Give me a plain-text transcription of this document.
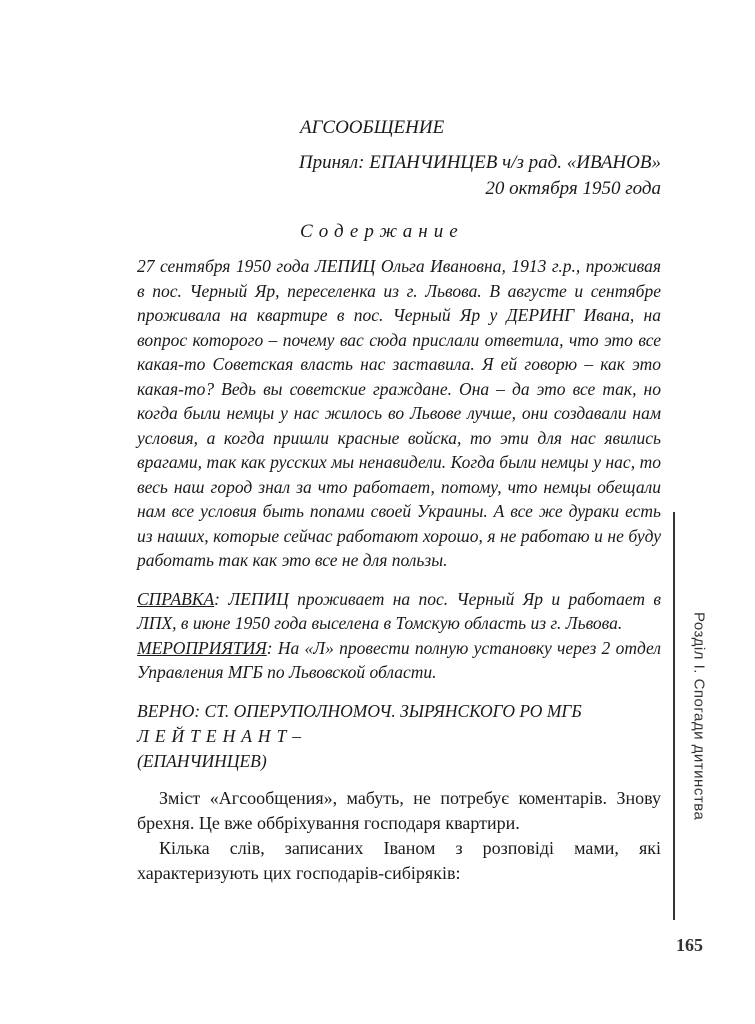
АГСООБЩЕНИЕ
Принял: ЕПАНЧИНЦЕВ ч/з рад. «ИВАНОВ»
20 октября 1950 года
Содержание
27 сентября 1950 года ЛЕПИЦ Ольга Ивановна, 1913 г.р., проживая в пос. Черный Яр, переселенка из г. Львова. В августе и сентябре проживала на квартире в пос. Черный Яр у ДЕРИНГ Ивана, на вопрос которого – почему вас сюда прислали ответила, что это все какая-то Советская власть нас заставила. Я ей говорю – как это какая-то? Ведь вы советские граждане. Она – да это все так, но когда были немцы у нас жилось во Львове лучше, они создавали нам условия, а когда пришли красные войска, то эти для нас явились врагами, так как русских мы ненавидели. Когда были немцы у нас, то весь наш город знал за что работает, потому, что немцы обещали нам все условия быть попами своей Украины. А все же дураки есть из наших, которые сейчас работают хорошо, я не работаю и не буду работать так как это все не для пользы.
СПРАВКА: ЛЕПИЦ проживает на пос. Черный Яр и работает в ЛПХ, в июне 1950 года выселена в Томскую область из г. Львова.
МЕРОПРИЯТИЯ: На «Л» провести полную установку через 2 отдел Управления МГБ по Львовской области.
ВЕРНО: СТ. ОПЕРУПОЛНОМОЧ. ЗЫРЯНСКОГО РО МГБ
ЛЕЙТЕНАНТ–
(ЕПАНЧИНЦЕВ)

Зміст «Агсообщения», мабуть, не потребує коментарів. Знову брехня. Це вже оббріхування господаря квартири.

Кілька слів, записаних Іваном з розповіді мами, які характеризують цих господарів-сибіряків:

Розділ I. Спогади дитинства
165
